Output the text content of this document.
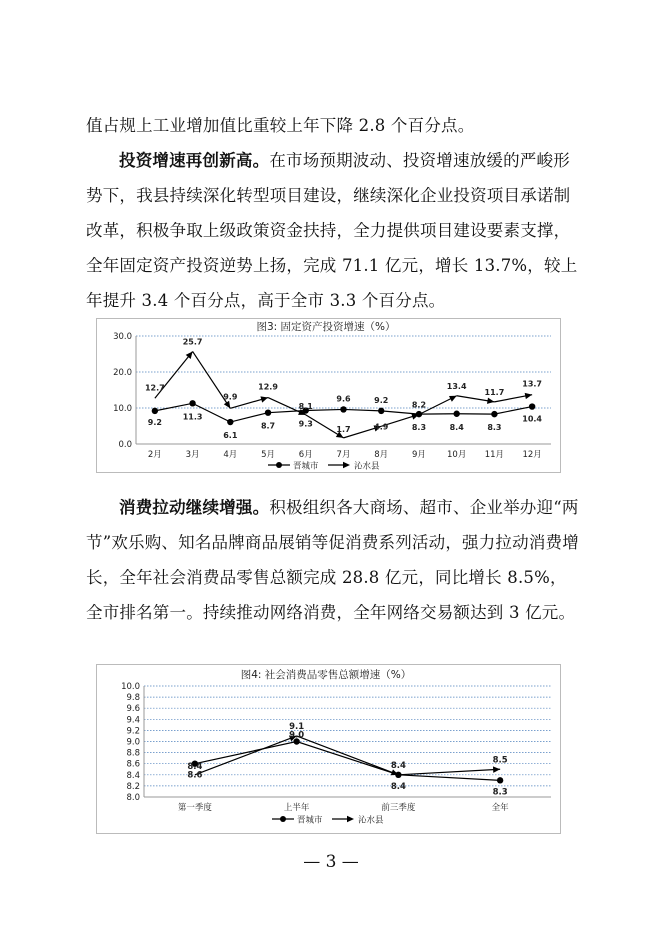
值占规上工业增加值比重较上年下降 2.8 个百分点。

投资增速再创新高。在市场预期波动、投资增速放缓的严峻形势下，我县持续深化转型项目建设，继续深化企业投资项目承诺制改革，积极争取上级政策资金扶持，全力提供项目建设要素支撑，全年固定资产投资逆势上扬，完成 71.1 亿元，增长 13.7%，较上年提升 3.4 个百分点，高于全市 3.3 个百分点。

图3: 固定资产投资增速（%）
0.0
10.0
20.0
30.0
2月	3月	4月	5月	6月	7月	8月	9月 10月 11月 12月
9.2
11.3
6.1
8.7	9.3	8.3	8.4	8.3
10.4
12.7
25.7
9.9
12.9
8.1
1.7	4.9
8.2
13.4
11.7
13.7
9.6	9.2
晋城市	沁水县

消费拉动继续增强。积极组织各大商场、超市、企业举办迎“两节”欢乐购、知名品牌商品展销等促消费系列活动，强力拉动消费增长，全年社会消费品零售总额完成 28.8 亿元，同比增长 8.5%，全市排名第一。持续推动网络消费，全年网络交易额达到 3 亿元。

图4: 社会消费品零售总额增速（%）
8.0
8.2
8.4
8.6
8.8
9.0
9.2
9.4
9.6
9.8
10.0
第一季度	上半年	前三季度	全年
8.6
9.0
8.4
8.3
8.4
9.1
8.4
8.5
晋城市	沁水县
— 3 —
